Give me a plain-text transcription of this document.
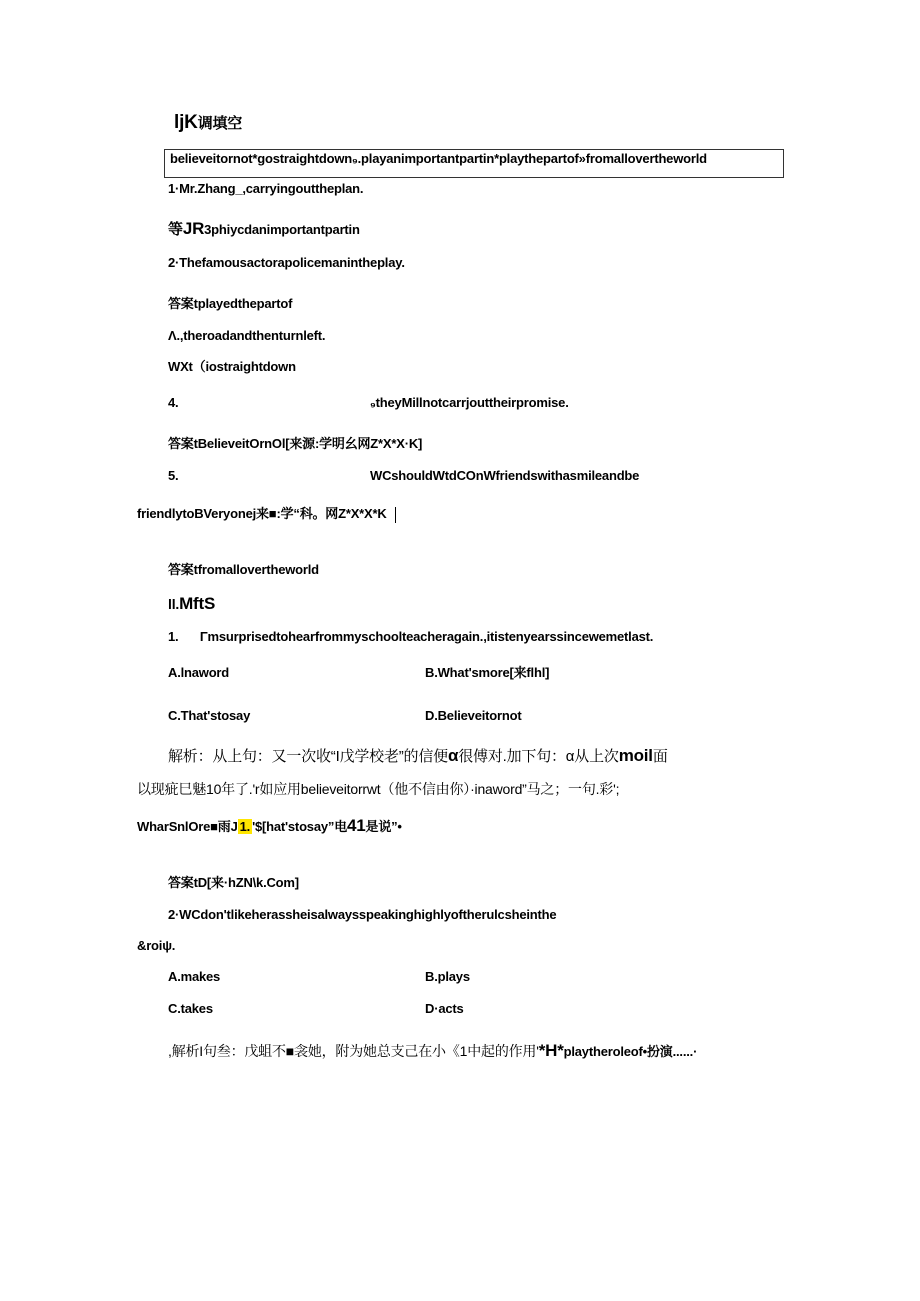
ljK调填空
believeitornot*gostraightdown₉.playanimportantpartin*playthepartof»fromallovertheworld
1·Mr.Zhang_,carryingouttheplan.
等JR3phiycdanimportantpartin
2·Thefamousactorapolicemanintheplay.
答案tplayedthepartof
Λ.,theroadandthenturnleft.
WXt（iostraightdown
4.	₉theyMillnotcarrjouttheirpromise.
答案tBelieveitOrnOl[来源:学明幺网Z*X*X·K]
5.	WCshouldWtdCOnWfriendswithasmileandbe
friendlytoBVeryonej来■:学“科。网Z*X*X*K
答案tfromallovertheworld
ll.MftS
1. Γmsurprisedtohearfrommyschoolteacheragain.,itistenyearssincewemetlast.
A.lnaword	B.What'smore[来flhl]
C.That'stosay	D.Believeitornot
解析：从上句：又一次收“I戊学校老”的信便α很傅对.加下句：α从上次moil面
以现疵巳魅10年了.'r如应用believeitorrwt（他不信由你）·inaword”马之；一句.彩';
WharSnlOre■雨J 1. '$[hat'stosay”电41是说”•
答案tD[来·hZN\k.Com]
2·WCdon'tlikeherassheisalwaysspeakinghighlyoftherulcsheinthe
&roiψ.
A.makes	B.plays
C.takes	D·acts
,解析I句叁：戊蛆不■衾她，附为她总支己在小《1中起的作用'*H*playtheroleof•扮演......·
